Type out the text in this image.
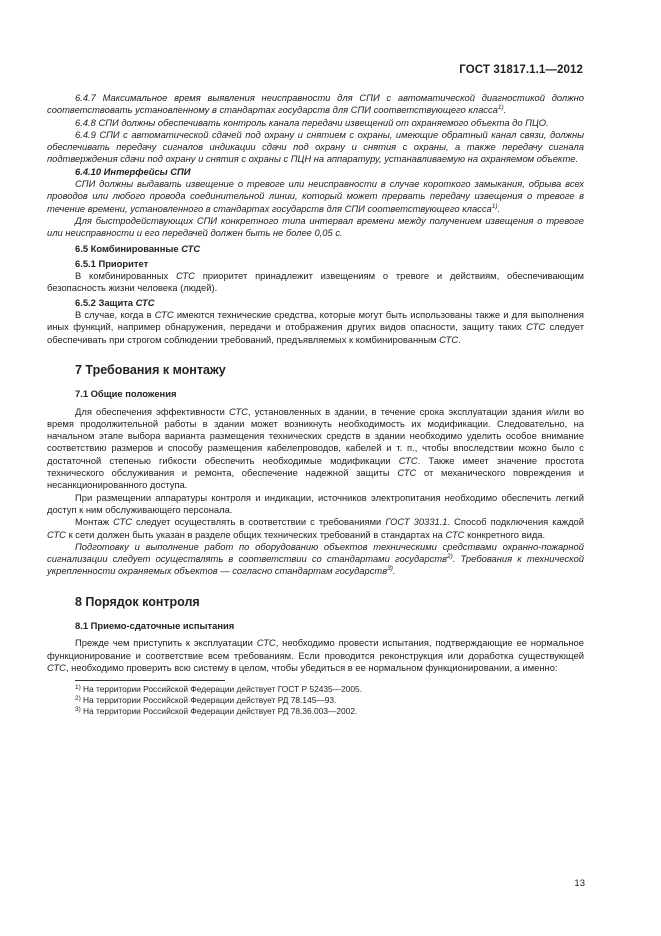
ГОСТ 31817.1.1—2012

6.4.7 Максимальное время выявления неисправности для СПИ с автоматической диагностикой должно соответствовать установленному в стандартах государств для СПИ соответствующего класса$^{1)}$.

6.4.8 СПИ должны обеспечивать контроль канала передачи извещений от охраняемого объекта до ПЦО.

6.4.9 СПИ с автоматической сдачей под охрану и снятием с охраны, имеющие обратный канал связи, должны обеспечивать передачу сигналов индикации сдачи под охрану и снятия с охраны, а также передачу сигнала подтверждения сдачи под охрану и снятия с охраны с ПЦН на аппаратуру, устанавливаемую на охраняемом объекте.

6.4.10 Интерфейсы СПИ

СПИ должны выдавать извещение о тревоге или неисправности в случае короткого замыкания, обрыва всех проводов или любого провода соединительной линии, который может прервать передачу извещения о тревоге в течение времени, установленного в стандартах государств для СПИ соответствующего класса$^{1)}$.

Для быстродействующих СПИ конкретного типа интервал времени между получением извещения о тревоге или неисправности и его передачей должен быть не более 0,05 с.

6.5 Комбинированные СТС

6.5.1 Приоритет

В комбинированных СТС приоритет принадлежит извещениям о тревоге и действиям, обеспечивающим безопасность жизни человека (людей).

6.5.2 Защита СТС

В случае, когда в СТС имеются технические средства, которые могут быть использованы также и для выполнения иных функций, например обнаружения, передачи и отображения других видов опасности, защиту таких СТС следует обеспечивать при строгом соблюдении требований, предъявляемых к комбинированным СТС.

7 Требования к монтажу

7.1 Общие положения

Для обеспечения эффективности СТС, установленных в здании, в течение срока эксплуатации здания и/или во время продолжительной работы в здании может возникнуть необходимость их модификации. Следовательно, на начальном этапе выбора варианта размещения технических средств в здании необходимо уделить особое внимание соответствию размеров и способу размещения кабелепроводов, кабелей и т. п., чтобы впоследствии можно было с достаточной степенью гибкости обеспечить необходимые модификации СТС. Также имеет значение простота технического обслуживания и ремонта, обеспечение надежной защиты СТС от механического повреждения и несанкционированного доступа.

При размещении аппаратуры контроля и индикации, источников электропитания необходимо обеспечить легкий доступ к ним обслуживающего персонала.

Монтаж СТС следует осуществлять в соответствии с требованиями ГОСТ 30331.1. Способ подключения каждой СТС к сети должен быть указан в разделе общих технических требований в стандартах на СТС конкретного вида.

Подготовку и выполнение работ по оборудованию объектов техническими средствами охранно-пожарной сигнализации следует осуществлять в соответствии со стандартами государств$^{2)}$. Требования к технической укрепленности охраняемых объектов — согласно стандартам государств$^{3)}$.

8 Порядок контроля

8.1 Приемо-сдаточные испытания

Прежде чем приступить к эксплуатации СТС, необходимо провести испытания, подтверждающие ее нормальное функционирование и соответствие всем требованиям. Если проводится реконструкция или доработка существующей СТС, необходимо проверить всю систему в целом, чтобы убедиться в ее нормальном функционировании, а именно:

1) На территории Российской Федерации действует ГОСТ Р 52435—2005.

2) На территории Российской Федерации действует РД 78.145—93.

3) На территории Российской Федерации действует РД 78.36.003—2002.

13
